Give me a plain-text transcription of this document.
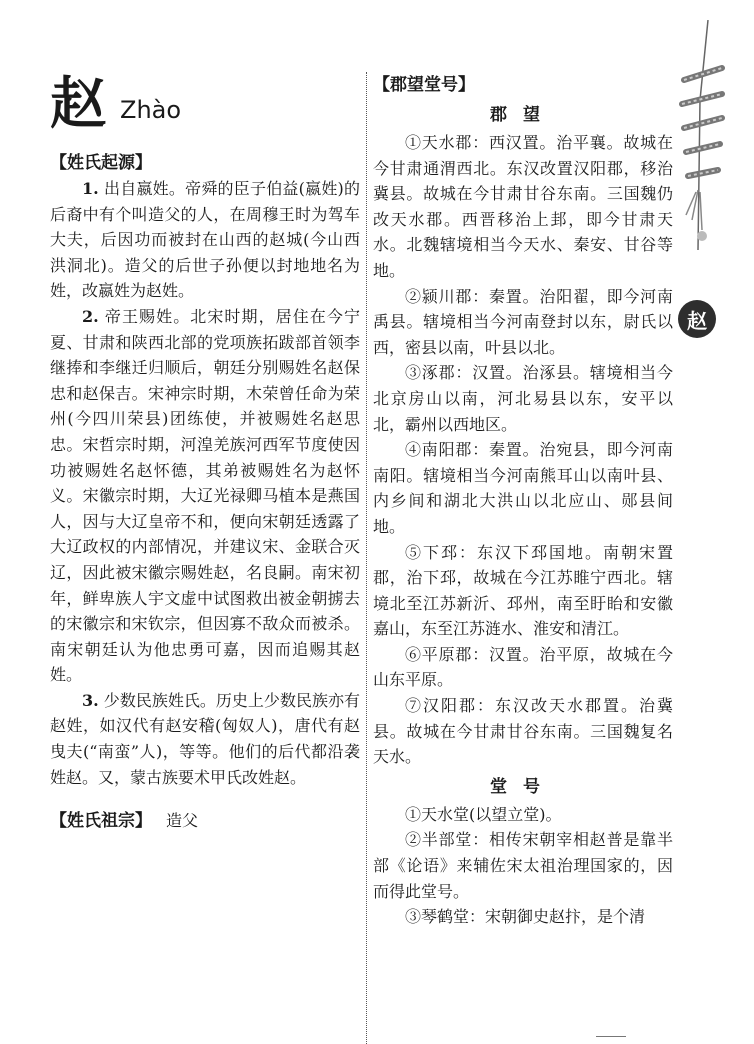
赵
赵 Zhào
【姓氏起源】

1. 出自嬴姓。帝舜的臣子伯益(嬴姓)的后裔中有个叫造父的人，在周穆王时为驾车大夫，后因功而被封在山西的赵城(今山西洪洞北)。造父的后世子孙便以封地地名为姓，改嬴姓为赵姓。

2. 帝王赐姓。北宋时期，居住在今宁夏、甘肃和陕西北部的党项族拓跋部首领李继捧和李继迁归顺后，朝廷分别赐姓名赵保忠和赵保吉。宋神宗时期，木荣曾任命为荣州(今四川荣县)团练使，并被赐姓名赵思忠。宋哲宗时期，河湟羌族河西军节度使因功被赐姓名赵怀德，其弟被赐姓名为赵怀义。宋徽宗时期，大辽光禄卿马植本是燕国人，因与大辽皇帝不和，便向宋朝廷透露了大辽政权的内部情况，并建议宋、金联合灭辽，因此被宋徽宗赐姓赵，名良嗣。南宋初年，鲜卑族人宇文虚中试图救出被金朝掳去的宋徽宗和宋钦宗，但因寡不敌众而被杀。南宋朝廷认为他忠勇可嘉，因而追赐其赵姓。

3. 少数民族姓氏。历史上少数民族亦有赵姓，如汉代有赵安稽(匈奴人)，唐代有赵曳夫(“南蛮”人)，等等。他们的后代都沿袭姓赵。又，蒙古族要术甲氏改姓赵。

【姓氏祖宗】 造父
【郡望堂号】
郡望

①天水郡：西汉置。治平襄。故城在今甘肃通渭西北。东汉改置汉阳郡，移治冀县。故城在今甘肃甘谷东南。三国魏仍改天水郡。西晋移治上邽，即今甘肃天水。北魏辖境相当今天水、秦安、甘谷等地。

②颍川郡：秦置。治阳翟，即今河南禹县。辖境相当今河南登封以东，尉氏以西，密县以南，叶县以北。

③涿郡：汉置。治涿县。辖境相当今北京房山以南，河北易县以东，安平以北，霸州以西地区。

④南阳郡：秦置。治宛县，即今河南南阳。辖境相当今河南熊耳山以南叶县、内乡间和湖北大洪山以北应山、郧县间地。

⑤下邳：东汉下邳国地。南朝宋置郡，治下邳，故城在今江苏睢宁西北。辖境北至江苏新沂、邳州，南至盱眙和安徽嘉山，东至江苏涟水、淮安和清江。

⑥平原郡：汉置。治平原，故城在今山东平原。

⑦汉阳郡：东汉改天水郡置。治冀县。故城在今甘肃甘谷东南。三国魏复名天水。

堂号

①天水堂(以望立堂)。

②半部堂：相传宋朝宰相赵普是靠半部《论语》来辅佐宋太祖治理国家的，因而得此堂号。

③琴鹤堂：宋朝御史赵抃，是个清
